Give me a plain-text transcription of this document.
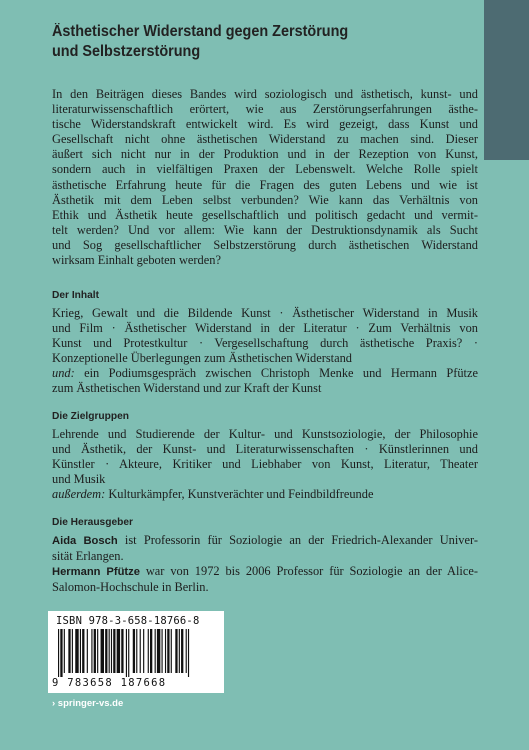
Ästhetischer Widerstand gegen Zerstörung
und Selbstzerstörung

In den Beiträgen dieses Bandes wird soziologisch und ästhetisch, kunst- und
literaturwissenschaftlich erörtert, wie aus Zerstörungserfahrungen ästhe-
tische Widerstandskraft entwickelt wird. Es wird gezeigt, dass Kunst und
Gesellschaft nicht ohne ästhetischen Widerstand zu machen sind. Dieser
äußert sich nicht nur in der Produktion und in der Rezeption von Kunst,
sondern auch in vielfältigen Praxen der Lebenswelt. Welche Rolle spielt
ästhetische Erfahrung heute für die Fragen des guten Lebens und wie ist
Ästhetik mit dem Leben selbst verbunden? Wie kann das Verhältnis von
Ethik und Ästhetik heute gesellschaftlich und politisch gedacht und vermit-
telt werden? Und vor allem: Wie kann der Destruktionsdynamik als Sucht
und Sog gesellschaftlicher Selbstzerstörung durch ästhetischen Widerstand
wirksam Einhalt geboten werden?

Der Inhalt

Krieg, Gewalt und die Bildende Kunst · Ästhetischer Widerstand in Musik
und Film · Ästhetischer Widerstand in der Literatur · Zum Verhältnis von
Kunst und Protestkultur · Vergesellschaftung durch ästhetische Praxis? ·
Konzeptionelle Überlegungen zum Ästhetischen Widerstand
und: ein Podiumsgespräch zwischen Christoph Menke und Hermann Pfütze
zum Ästhetischen Widerstand und zur Kraft der Kunst

Die Zielgruppen

Lehrende und Studierende der Kultur- und Kunstsoziologie, der Philosophie
und Ästhetik, der Kunst- und Literaturwissenschaften · Künstlerinnen und
Künstler · Akteure, Kritiker und Liebhaber von Kunst, Literatur, Theater
und Musik
außerdem: Kulturkämpfer, Kunstverächter und Feindbildfreunde

Die Herausgeber

Aida Bosch ist Professorin für Soziologie an der Friedrich-Alexander Univer-
sität Erlangen.
Hermann Pfütze war von 1972 bis 2006 Professor für Soziologie an der Alice-
Salomon-Hochschule in Berlin.

ISBN 978-3-658-18766-8
9 783658 187668
› springer-vs.de
